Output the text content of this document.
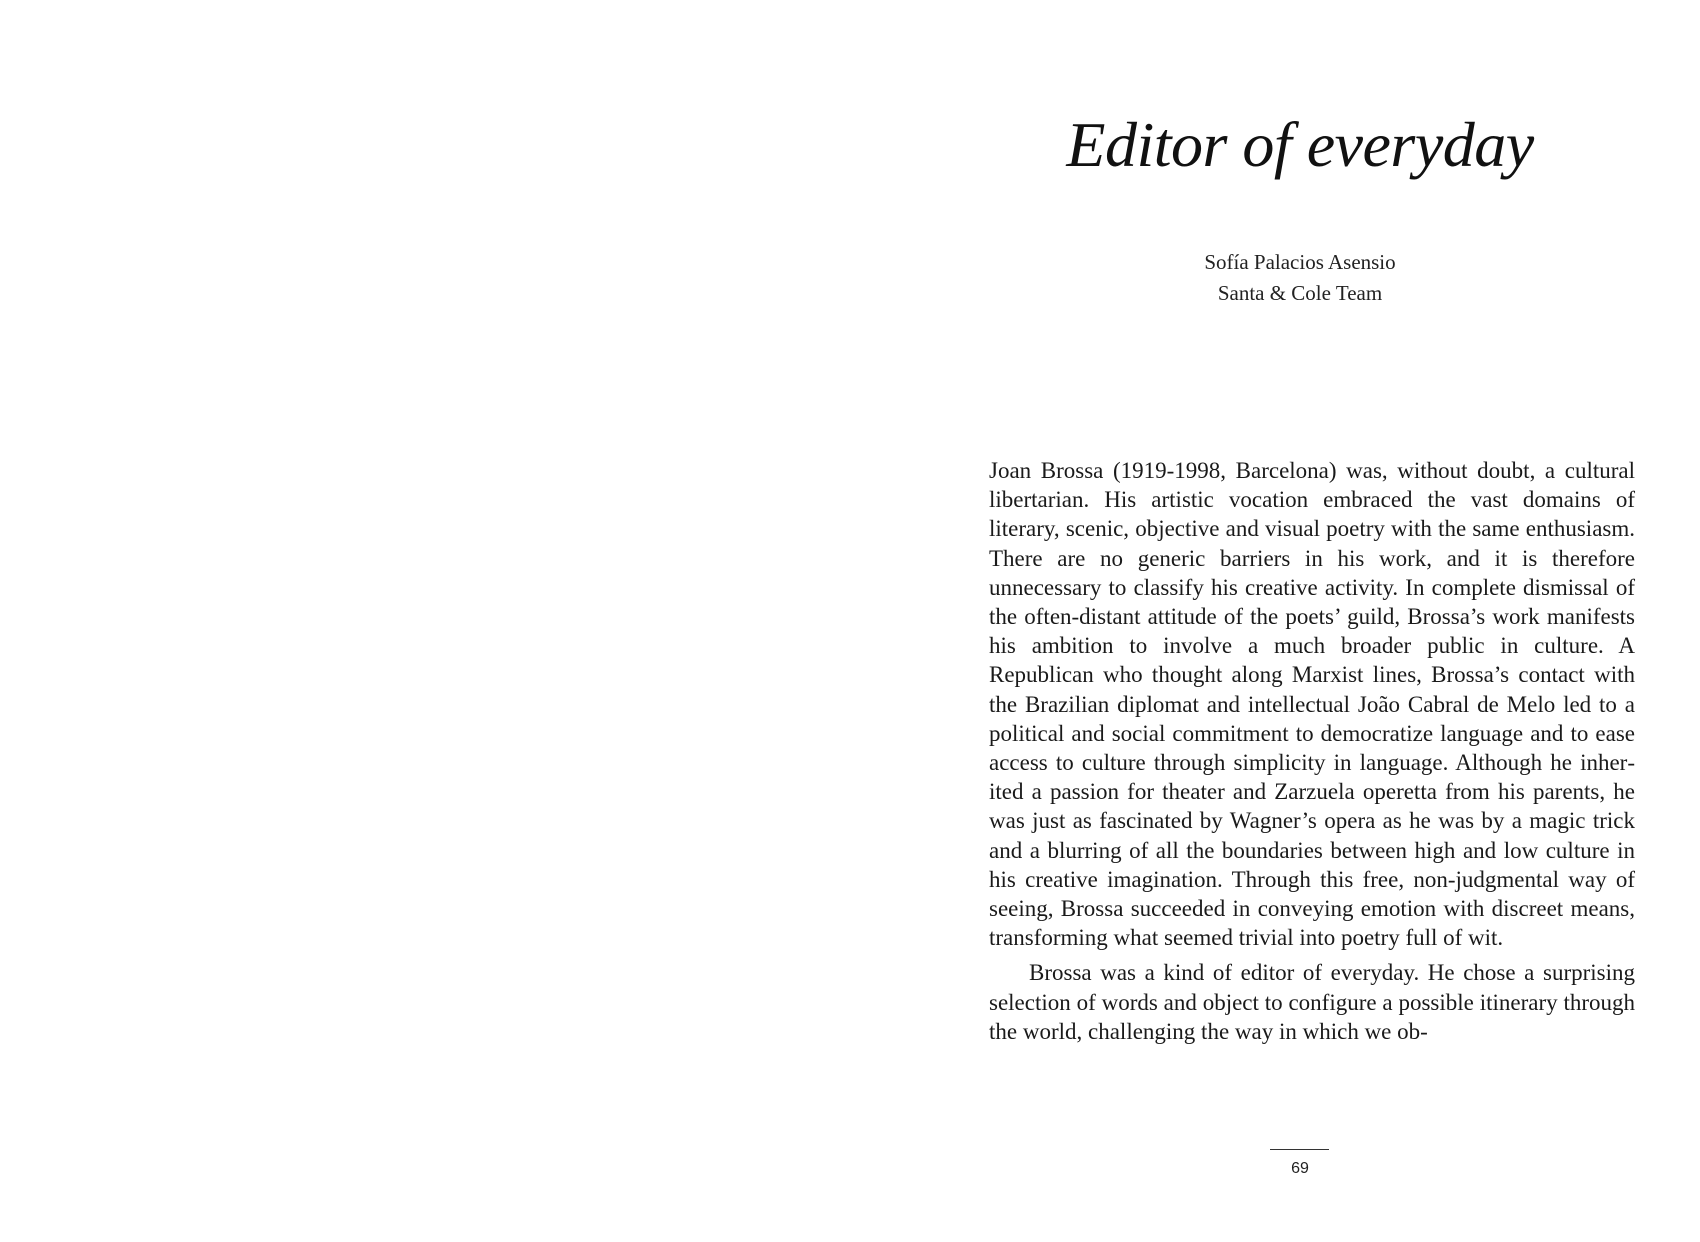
Editor of everyday
Sofía Palacios Asensio
Santa & Cole Team

Joan Brossa (1919-1998, Barcelona) was, without doubt, a cultural libertarian. His artistic vocation embraced the vast domains of literary, scenic, objective and visual poetry with the same enthusiasm. There are no generic barriers in his work, and it is therefore unnecessary to classify his creative activity. In complete dismissal of the often-distant attitude of the poets’ guild, Brossa’s work manifests his ambition to involve a much broader public in culture. A Republican who thought along Marxist lines, Brossa’s contact with the Brazilian diplomat and intellectual João Cabral de Melo led to a political and social commitment to democratize language and to ease access to culture through simplicity in language. Although he inherited a passion for theater and Zarzuela operetta from his parents, he was just as fascinated by Wagner’s opera as he was by a magic trick and a blurring of all the boundaries between high and low culture in his creative imagination. Through this free, non-judgmental way of seeing, Brossa succeeded in conveying emotion with discreet means, transforming what seemed trivial into poetry full of wit.

Brossa was a kind of editor of everyday. He chose a surprising selection of words and object to configure a possible itinerary through the world, challenging the way in which we ob-

69
